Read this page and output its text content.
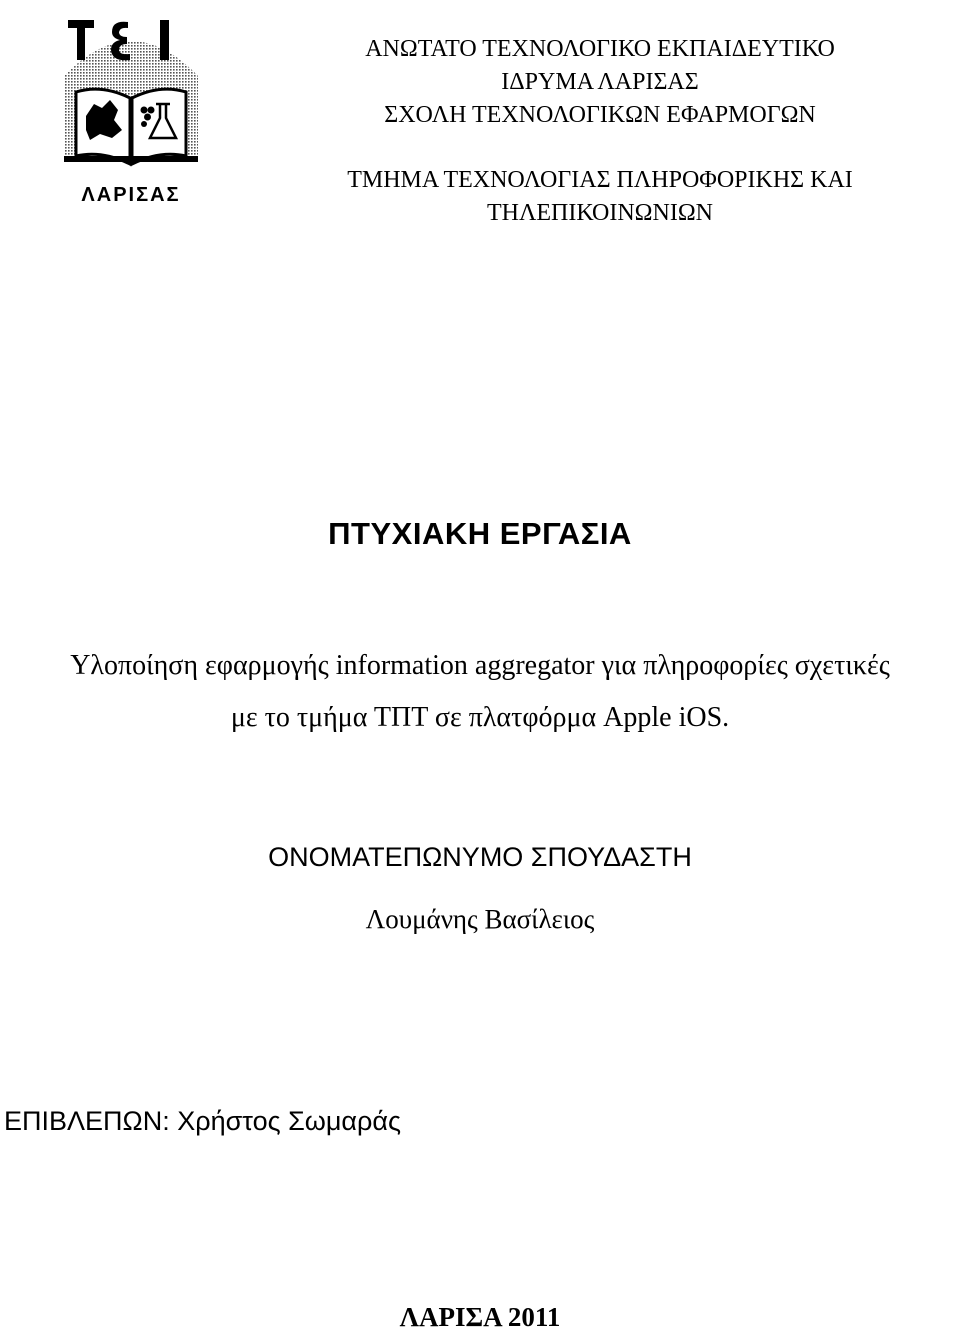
ΛΑΡΙΣΑΣ
ΑΝΩΤΑΤΟ ΤΕΧΝΟΛΟΓΙΚΟ ΕΚΠΑΙΔΕΥΤΙΚΟ
ΙΔΡΥΜΑ ΛΑΡΙΣΑΣ
ΣΧΟΛΗ ΤΕΧΝΟΛΟΓΙΚΩΝ ΕΦΑΡΜΟΓΩΝ
ΤΜΗΜΑ ΤΕΧΝΟΛΟΓΙΑΣ ΠΛΗΡΟΦΟΡΙΚΗΣ ΚΑΙ
ΤΗΛΕΠΙΚΟΙΝΩΝΙΩΝ
ΠΤΥΧΙΑΚΗ ΕΡΓΑΣΙΑ
Υλοποίηση εφαρμογής information aggregator για πληροφορίες σχετικές
με το τμήμα ΤΠΤ σε πλατφόρμα Apple iOS.
ΟΝΟΜΑΤΕΠΩΝΥΜΟ ΣΠΟΥΔΑΣΤΗ
Λουμάνης Βασίλειος
ΕΠΙΒΛΕΠΩΝ: Χρήστος Σωμαράς
ΛΑΡΙΣΑ 2011
